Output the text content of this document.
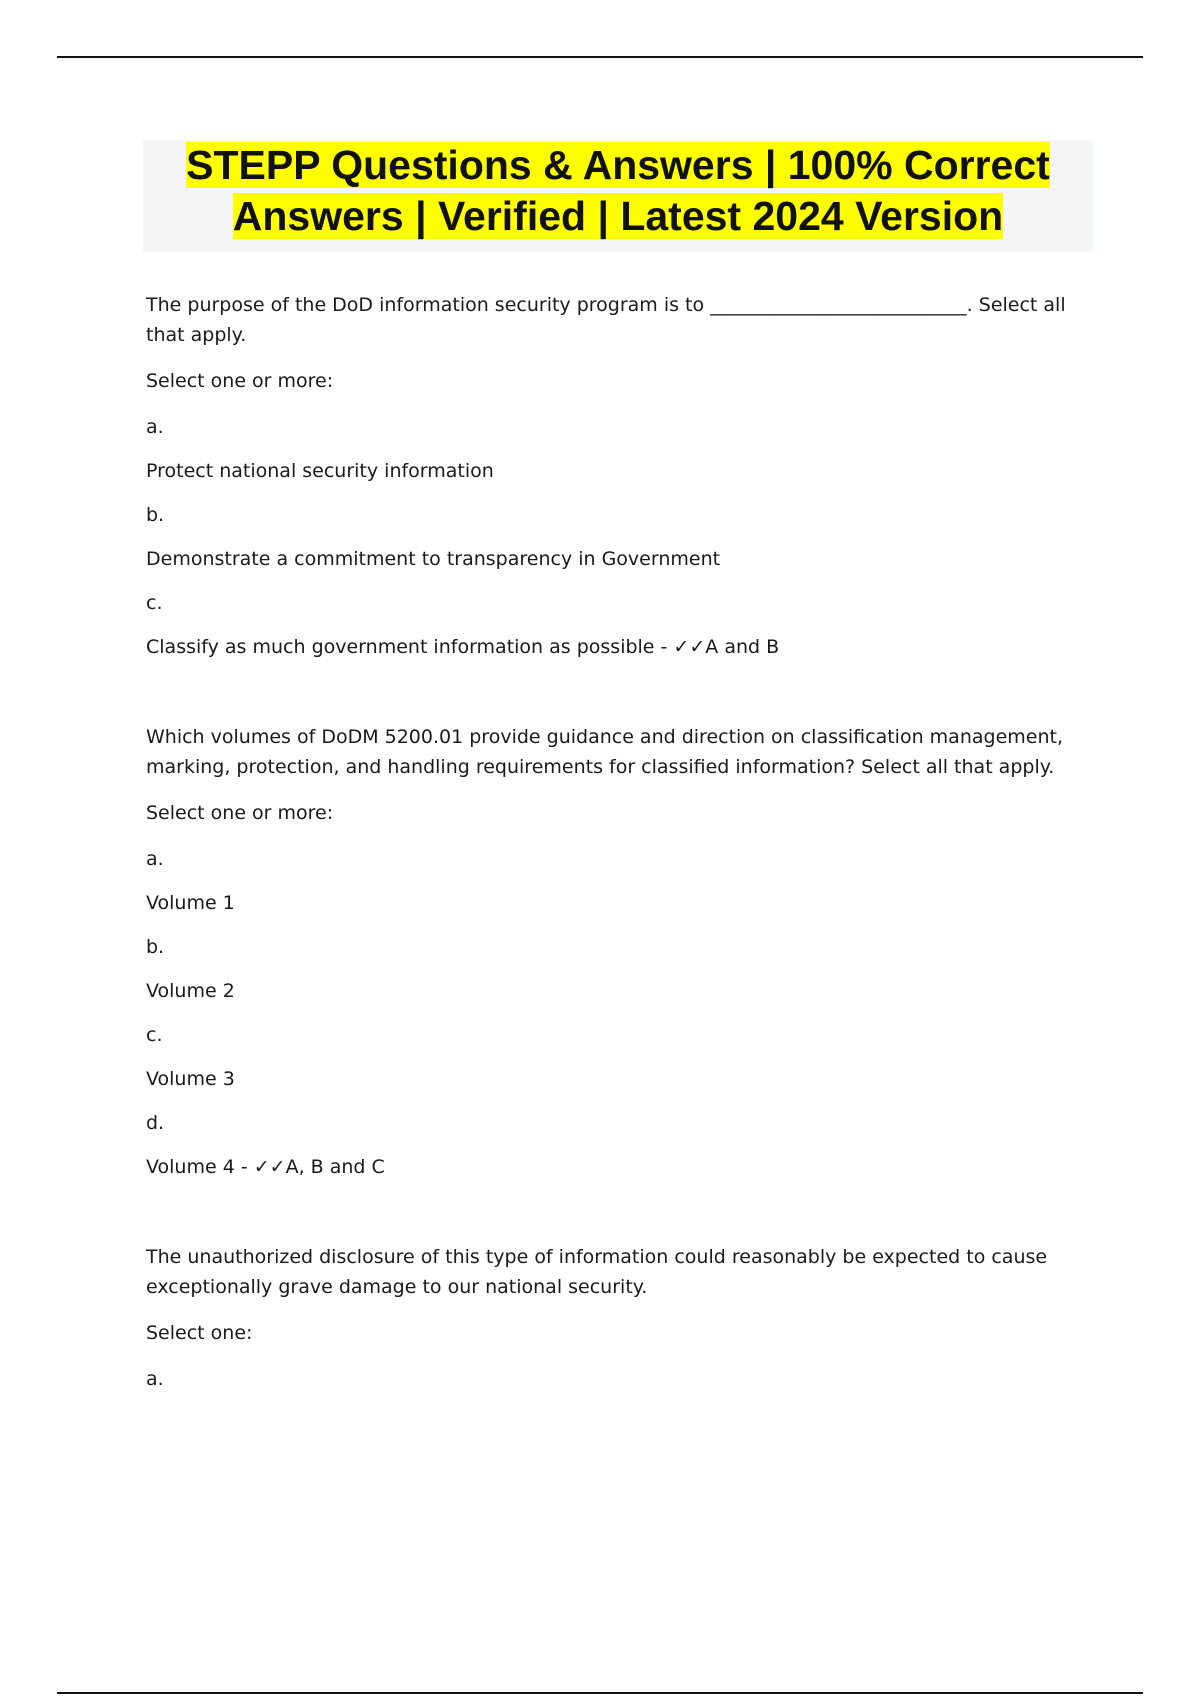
STEPP Questions & Answers | 100% Correct
Answers | Verified | Latest 2024 Version

The purpose of the DoD information security program is to ___________________________. Select all that apply.

Select one or more:

a.

Protect national security information

b.

Demonstrate a commitment to transparency in Government

c.

Classify as much government information as possible - ✓✓A and B

Which volumes of DoDM 5200.01 provide guidance and direction on classification management, marking, protection, and handling requirements for classified information? Select all that apply.

Select one or more:

a.

Volume 1

b.

Volume 2

c.

Volume 3

d.

Volume 4 - ✓✓A, B and C

The unauthorized disclosure of this type of information could reasonably be expected to cause exceptionally grave damage to our national security.

Select one:

a.
